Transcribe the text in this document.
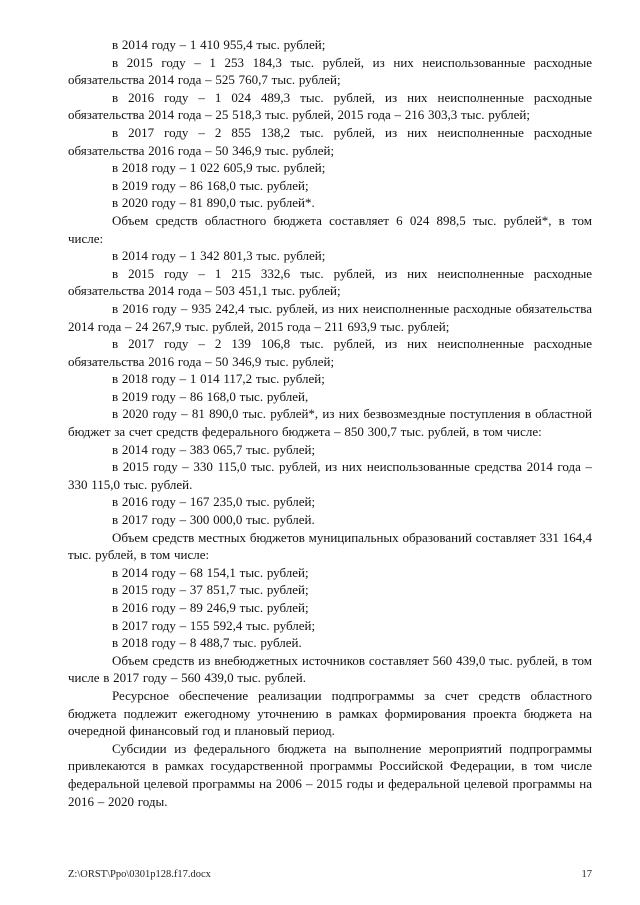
в 2014 году – 1 410 955,4 тыс. рублей;

в 2015 году – 1 253 184,3 тыс. рублей, из них неиспользованные расходные обязательства 2014 года – 525 760,7 тыс. рублей;

в 2016 году – 1 024 489,3 тыс. рублей, из них неисполненные расходные обязательства 2014 года – 25 518,3 тыс. рублей, 2015 года – 216 303,3 тыс. рублей;

в 2017 году – 2 855 138,2 тыс. рублей, из них неисполненные расходные обязательства 2016 года – 50 346,9 тыс. рублей;

в 2018 году – 1 022 605,9 тыс. рублей;

в 2019 году – 86 168,0 тыс. рублей;

в 2020 году – 81 890,0 тыс. рублей*.

Объем средств областного бюджета составляет 6 024 898,5 тыс. рублей*, в том числе:

в 2014 году – 1 342 801,3 тыс. рублей;

в 2015 году – 1 215 332,6 тыс. рублей, из них неисполненные расходные обязательства 2014 года – 503 451,1 тыс. рублей;

в 2016 году – 935 242,4 тыс. рублей, из них неисполненные расходные обязательства 2014 года – 24 267,9 тыс. рублей, 2015 года – 211 693,9 тыс. рублей;

в 2017 году – 2 139 106,8 тыс. рублей, из них неисполненные расходные обязательства 2016 года – 50 346,9 тыс. рублей;

в 2018 году – 1 014 117,2 тыс. рублей;

в 2019 году – 86 168,0 тыс. рублей,

в 2020 году – 81 890,0 тыс. рублей*, из них безвозмездные поступления в областной бюджет за счет средств федерального бюджета – 850 300,7 тыс. рублей, в том числе:

в 2014 году – 383 065,7 тыс. рублей;

в 2015 году – 330 115,0 тыс. рублей, из них неиспользованные средства 2014 года – 330 115,0 тыс. рублей.

в 2016 году – 167 235,0 тыс. рублей;

в 2017 году – 300 000,0 тыс. рублей.

Объем средств местных бюджетов муниципальных образований составляет 331 164,4 тыс. рублей, в том числе:

в 2014 году – 68 154,1 тыс. рублей;

в 2015 году – 37 851,7 тыс. рублей;

в 2016 году – 89 246,9 тыс. рублей;

в 2017 году – 155 592,4 тыс. рублей;

в 2018 году – 8 488,7 тыс. рублей.

Объем средств из внебюджетных источников составляет 560 439,0 тыс. рублей, в том числе в 2017 году – 560 439,0 тыс. рублей.

Ресурсное обеспечение реализации подпрограммы за счет средств областного бюджета подлежит ежегодному уточнению в рамках формирования проекта бюджета на очередной финансовый год и плановый период.

Субсидии из федерального бюджета на выполнение мероприятий подпрограммы привлекаются в рамках государственной программы Российской Федерации, в том числе федеральной целевой программы на 2006 – 2015 годы и федеральной целевой программы на 2016 – 2020 годы.

Z:\ORST\Ppo\0301p128.f17.docx	17
